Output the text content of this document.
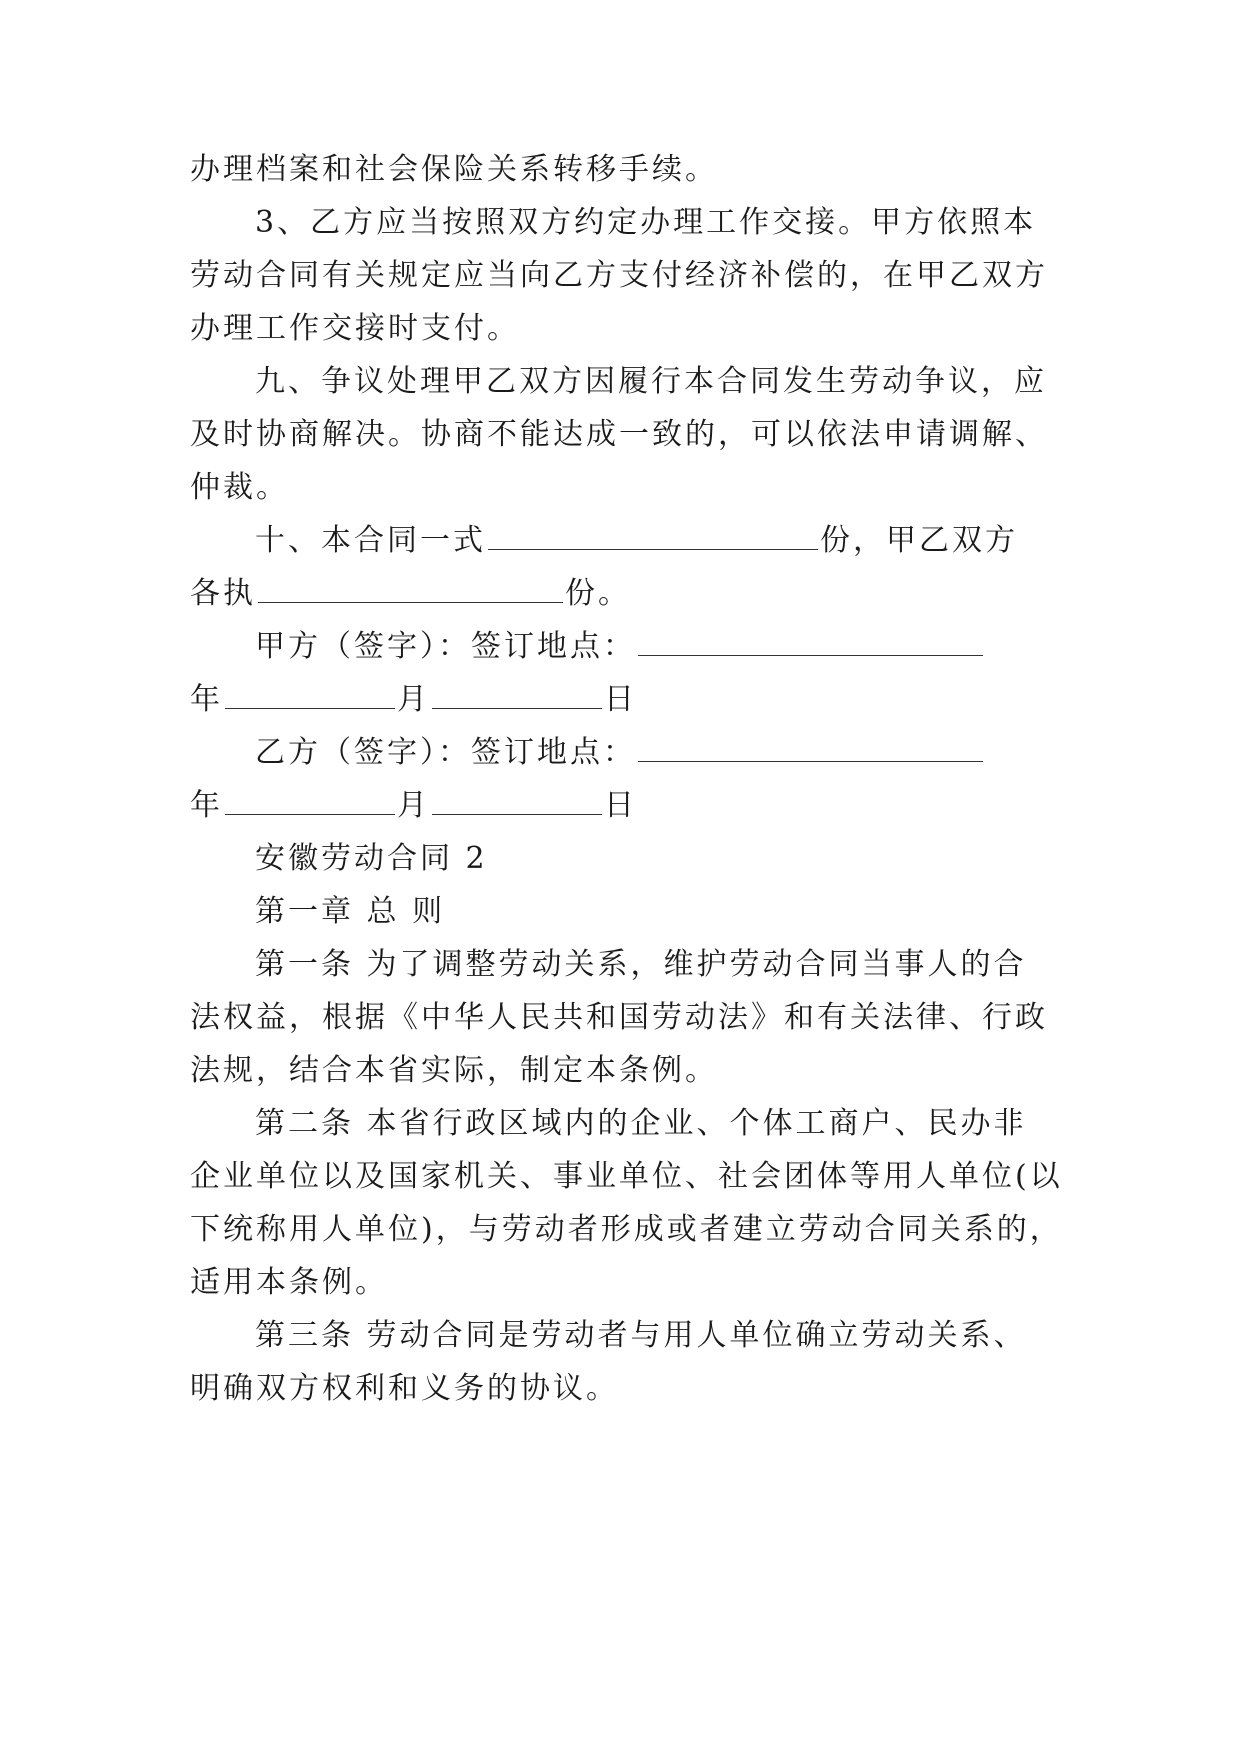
办理档案和社会保险关系转移手续。
3、乙方应当按照双方约定办理工作交接。甲方依照本
劳动合同有关规定应当向乙方支付经济补偿的，在甲乙双方
办理工作交接时支付。
九、争议处理甲乙双方因履行本合同发生劳动争议，应
及时协商解决。协商不能达成一致的，可以依法申请调解、
仲裁。
十、本合同一式	份，甲乙双方
各执	份。
甲方（签字）：签订地点：
年	月	日
乙方（签字）：签订地点：
年	月	日
安徽劳动合同 2
第一章 总 则
第一条 为了调整劳动关系，维护劳动合同当事人的合
法权益，根据《中华人民共和国劳动法》和有关法律、行政
法规，结合本省实际，制定本条例。
第二条 本省行政区域内的企业、个体工商户、民办非
企业单位以及国家机关、事业单位、社会团体等用人单位(以
下统称用人单位)，与劳动者形成或者建立劳动合同关系的，
适用本条例。
第三条 劳动合同是劳动者与用人单位确立劳动关系、
明确双方权利和义务的协议。
